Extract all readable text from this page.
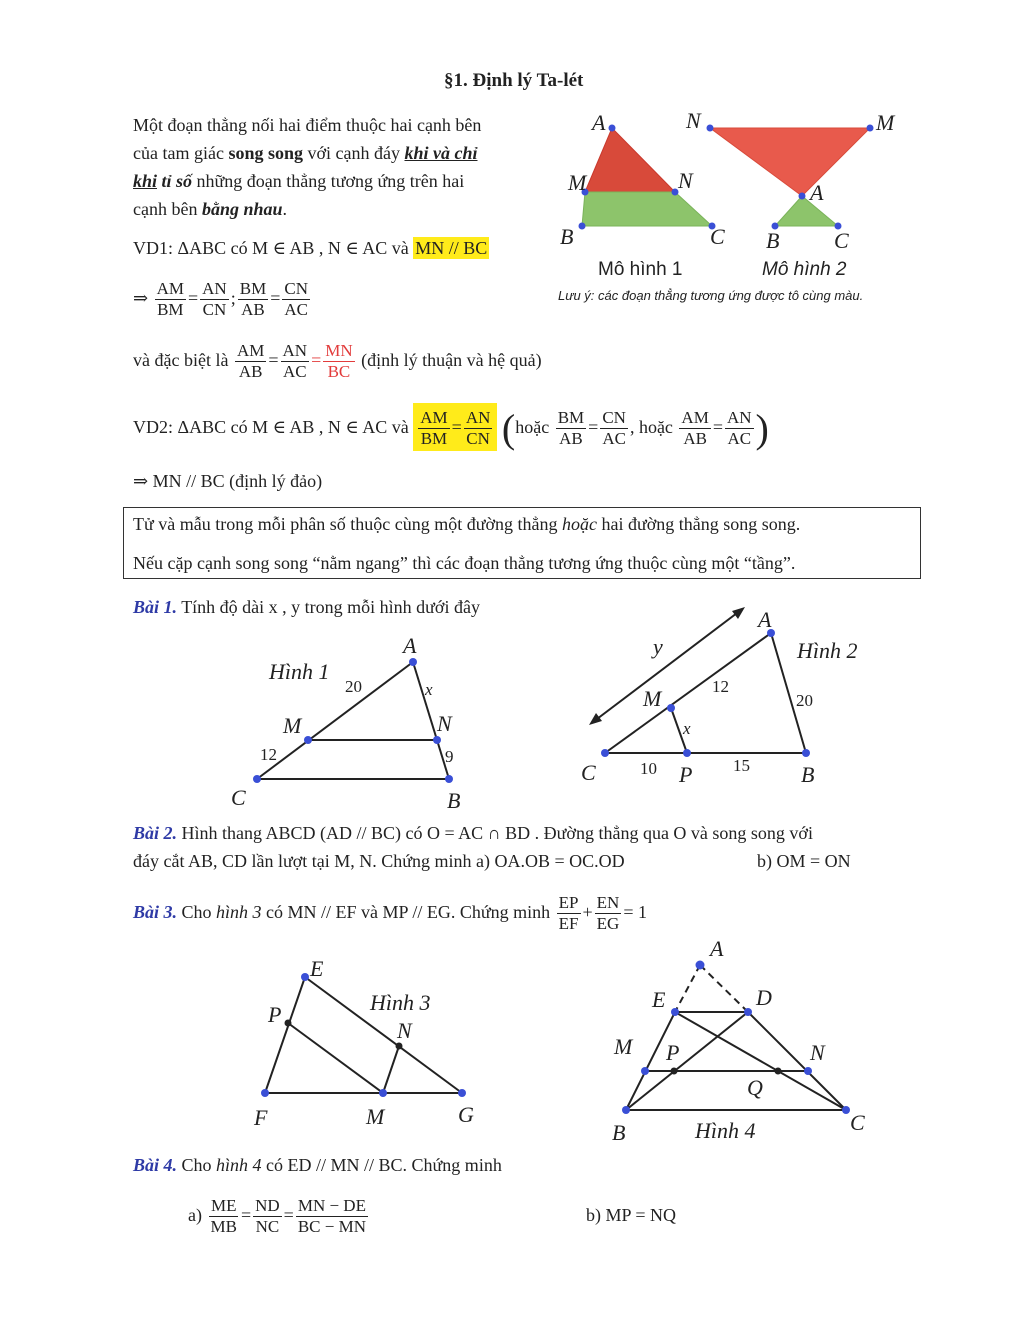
§1. Định lý Ta-lét
Một đoạn thẳng nối hai điểm thuộc hai cạnh bên
của tam giác song song với cạnh đáy khi và chỉ
khi tỉ số những đoạn thẳng tương ứng trên hai
cạnh bên bằng nhau.
VD1: ΔABC có M ∈ AB , N ∈ AC và MN // BC
⇒ $\frac{AM}{BM} = \frac{AN}{CN}$ ; $\frac{BM}{AB} = \frac{CN}{AC}$
và đặc biệt là $\frac{AM}{AB} = \frac{AN}{AC} = \frac{MN}{BC}$ (định lý thuận và hệ quả)
VD2: ΔABC có M ∈ AB , N ∈ AC và $\frac{AM}{BM} = \frac{AN}{CN}$ (hoặc $\frac{BM}{AB} = \frac{CN}{AC}$ , hoặc $\frac{AM}{AB} = \frac{AN}{AC}$ )
⇒ MN // BC (định lý đảo)
Tử và mẫu trong mỗi phân số thuộc cùng một đường thẳng hoặc hai đường thẳng song song.
Nếu cặp cạnh song song “nằm ngang” thì các đoạn thẳng tương ứng thuộc cùng một “tầng”.
A
M	N
B	C
Mô hình 1
N	M
A
B C
Mô hình 2
Lưu ý: các đoạn thẳng tương ứng được tô cùng màu.
Bài 1. Tính độ dài x , y trong mỗi hình dưới đây
Hình 1
A
M	N
C	B
20	x
12	9
A
Hình 2
y
M	12
20
x
C	10 P 15 B
Bài 2. Hình thang ABCD (AD // BC) có O = AC ∩ BD . Đường thẳng qua O và song song với
đáy cắt AB, CD lần lượt tại M, N. Chứng minh a) OA.OB = OC.OD	b) OM = ON
Bài 3. Cho hình 3 có MN // EF và MP // EG. Chứng minh $\frac{EP}{EF} + \frac{EN}{EG} = 1$
E
Hình 3
P
N
F	M	G
A
E	D
M P	N
Q
B	Hình 4	C
Bài 4. Cho hình 4 có ED // MN // BC. Chứng minh
$a) \frac{ME}{MB} = \frac{ND}{NC} = \frac{MN - DE}{BC - MN}$	b) MP = NQ
